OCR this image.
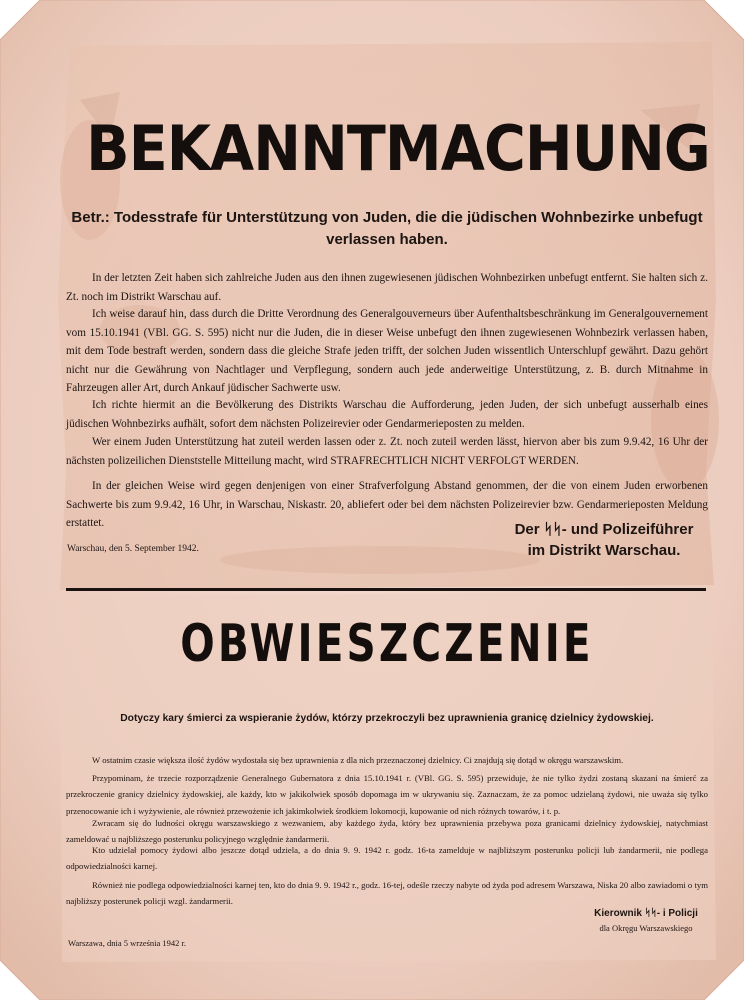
BEKANNTMACHUNG

Betr.: Todesstrafe für Unterstützung von Juden, die die jüdischen Wohnbezirke unbefugt verlassen haben.

In der letzten Zeit haben sich zahlreiche Juden aus den ihnen zugewiesenen jüdischen Wohnbezirken unbefugt entfernt. Sie halten sich z. Zt. noch im Distrikt Warschau auf.

Ich weise darauf hin, dass durch die Dritte Verordnung des Generalgouverneurs über Aufenthaltsbeschränkung im Generalgouvernement vom 15.10.1941 (VBl. GG. S. 595) nicht nur die Juden, die in dieser Weise unbefugt den ihnen zugewiesenen Wohnbezirk verlassen haben, mit dem Tode bestraft werden, sondern dass die gleiche Strafe jeden trifft, der solchen Juden wissentlich Unterschlupf gewährt. Dazu gehört nicht nur die Gewährung von Nachtlager und Verpflegung, sondern auch jede anderweitige Unterstützung, z. B. durch Mitnahme in Fahrzeugen aller Art, durch Ankauf jüdischer Sachwerte usw.

Ich richte hiermit an die Bevölkerung des Distrikts Warschau die Aufforderung, jeden Juden, der sich unbefugt ausserhalb eines jüdischen Wohnbezirks aufhält, sofort dem nächsten Polizeirevier oder Gendarmerieposten zu melden.

Wer einem Juden Unterstützung hat zuteil werden lassen oder z. Zt. noch zuteil werden lässt, hiervon aber bis zum 9.9.42, 16 Uhr der nächsten polizeilichen Dienststelle Mitteilung macht, wird STRAFRECHTLICH NICHT VERFOLGT WERDEN.

In der gleichen Weise wird gegen denjenigen von einer Strafverfolgung Abstand genommen, der die von einem Juden erworbenen Sachwerte bis zum 9.9.42, 16 Uhr, in Warschau, Niskastr. 20, abliefert oder bei dem nächsten Polizeirevier bzw. Gendarmerieposten Meldung erstattet.	Der ᛋᛋ- und Polizeiführer
im Distrikt Warschau.

Warschau, den 5. September 1942.

OBWIESZCZENIE

Dotyczy kary śmierci za wspieranie żydów, którzy przekroczyli bez uprawnienia granicę dzielnicy żydowskiej.

W ostatnim czasie większa ilość żydów wydostała się bez uprawnienia z dla nich przeznaczonej dzielnicy. Ci znajdują się dotąd w okręgu warszawskim.

Przypominam, że trzecie rozporządzenie Generalnego Gubernatora z dnia 15.10.1941 r. (VBl. GG. S. 595) przewiduje, że nie tylko żydzi zostaną skazani na śmierć za przekroczenie granicy dzielnicy żydowskiej, ale każdy, kto w jakikolwiek sposób dopomaga im w ukrywaniu się. Zaznaczam, że za pomoc udzielaną żydowi, nie uważa się tylko przenocowanie ich i wyżywienie, ale również przewożenie ich jakimkolwiek środkiem lokomocji, kupowanie od nich różnych towarów, i t. p.

Zwracam się do ludności okręgu warszawskiego z wezwaniem, aby każdego żyda, który bez uprawnienia przebywa poza granicami dzielnicy żydowskiej, natychmiast zameldować u najbliższego posterunku policyjnego względnie żandarmerii.

Kto udzielał pomocy żydowi albo jeszcze dotąd udziela, a do dnia 9. 9. 1942 r. godz. 16-ta zamelduje w najbliższym posterunku policji lub żandarmerii, nie podlega odpowiedzialności karnej.

Również nie podlega odpowiedzialności karnej ten, kto do dnia 9. 9. 1942 r., godz. 16-tej, odeśle rzeczy nabyte od żyda pod adresem Warszawa, Niska 20 albo zawiadomi o tym najbliższy posterunek policji wzgl. żandarmerii.

Kierownik ᛋᛋ- i Policji
dla Okręgu Warszawskiego

Warszawa, dnia 5 września 1942 r.
